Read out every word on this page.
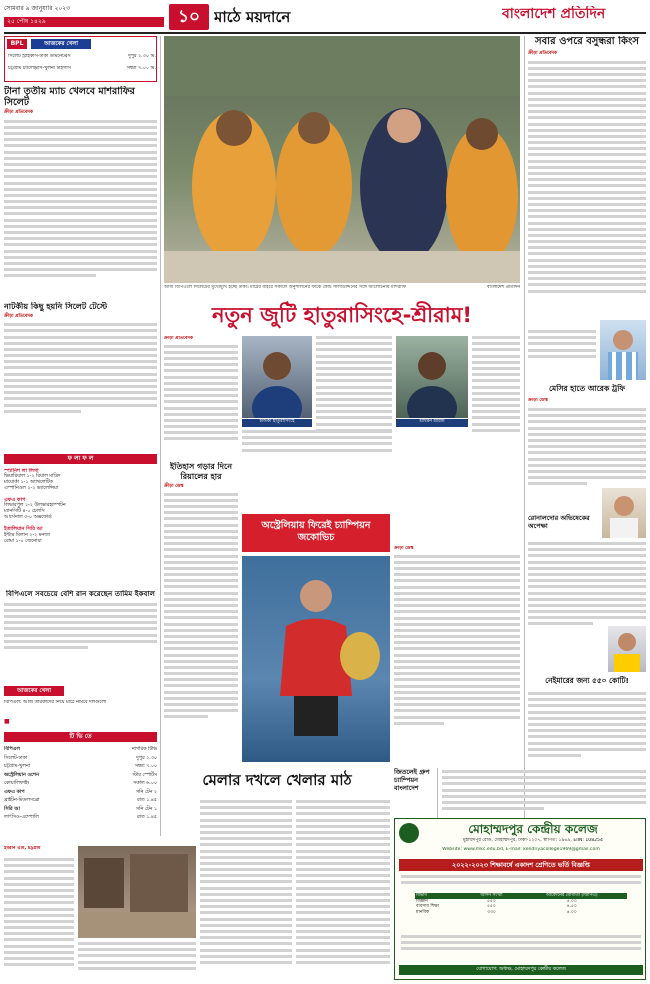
সোমবার ৯ জানুয়ারি ২০২৩
২৫ পৌষ ১৪২৯	১০ মাঠে ময়দানে	বাংলাদেশ প্রতিদিন
BPL	আজকের খেলা
সিলেট স্ট্রাইকার্স-ঢাকা ডমিনেটরস	দুপুর ২.৩০ মি.
চট্টগ্রাম চ্যালেঞ্জার্স-খুলনা টাইগার্স	সন্ধ্যা ৭.০০ মি.
টানা তৃতীয় ম্যাচ খেলবে মাশরাফির সিলেট
ক্রীড়া প্রতিবেদক
নাটকীয় কিছু হয়নি সিলেট টেস্টে
ক্রীড়া প্রতিবেদক
ফ লা ফ ল
স্প্যানিশ লা লিগা
ভিয়ারিয়াল ১-২ রিয়াল মাদ্রিদ
মায়োর্কা ১-১ অ্যাথলেটিক
এস্পানিওল ২-২ ভ্যালেন্সিয়া
এফএ কাপ
লিভারপুল ২-২ উলভারহ্যাম্পটন
ম্যানসিটি ৪-০ চেলসি
আর্সেনাল ৩-০ অক্সফোর্ড
ইতালিয়ান সিরি আ
ইন্টার মিলান ২-২ মনজা
রোমা ১-০ জেনোয়া
বিপিএলে সবচেয়ে বেশি রান করেছেন তামিম ইকবাল
আজকের খেলা
বিপিএল: আজ তারকাদের নিয়ে মাঠে নামবে দলগুলো
■
টি ভি তে
বিপিএল	নাগরিক টিভি
সিলেট-ঢাকা	দুপুর ২.৩০
চট্টগ্রাম-খুলনা	সন্ধ্যা ৭.০০
অস্ট্রেলিয়ান ওপেন	স্টার স্পোর্টস
কোয়ালিফাইং	সকাল ৬.০০
এফএ কাপ	সনি টেন ২
ব্রাইটন-মিডলসব্রো	রাত ১.৪৫
সিরি আ	সনি টেন ১
লাৎসিও-এম্পোলি	রাত ১.৪৫
আজ বিপিএলে সিলেটের মুখোমুখি হচ্ছে ঢাকা। মাঠের বাইরে সকালে অনুশীলনের ফাঁকে কোচ সালাউদ্দিনের সঙ্গে আলোচনায় মাশরাফি	বাংলাদেশ প্রতিদিন
নতুন জুটি হাতুরাসিংহে-শ্রীরাম!
ক্রীড়া প্রতিবেদক
চন্ডিকা হাতুরাসিংহে	শ্রীধরন শ্রীরাম
ইতিহাস গড়ার দিনে রিয়ালের হার
ক্রীড়া ডেস্ক
অস্ট্রেলিয়ায় ফিরেই চ্যাম্পিয়ন জকোভিচ
ক্রীড়া ডেস্ক
জিতলেই গ্রুপ চ্যাম্পিয়ন বাংলাদেশ
মেলার দখলে খেলার মাঠ
ইমরান এমি, চট্টগ্রাম
সবার ওপরে বসুন্ধরা কিংস
ক্রীড়া প্রতিবেদক
মেসির হাতে আরেক ট্রফি
ক্রীড়া ডেস্ক
রোনালদোর অভিষেকের অপেক্ষা
নেইমারের জন্য ৫৫০ কোটি!
মোহাম্মদপুর কেন্দ্রীয় কলেজ
মুহাম্মদপুর রোড, মোহাম্মদপুর, ঢাকা-১২০৭, স্থাপিত: ১৯৬৯, EIIN: 108254
Website: www.mkc.edu.bd, E-mail: kendriyacollege1969@gmail.com
২০২২-২০২৩ শিক্ষাবর্ষে একাদশ শ্রেণিতে ভর্তি বিজ্ঞপ্তি
বিভাগ	আসন সংখ্যা	আবেদনের যোগ্যতা (জিপিএ)
বিজ্ঞান	৫৫০	৫.০০
ব্যবসায় শিক্ষা	৫৫০	৪.৫০
মানবিক	৩৩০	৪.০০
যোগাযোগ: অধ্যক্ষ, মোহাম্মদপুর কেন্দ্রীয় কলেজ
